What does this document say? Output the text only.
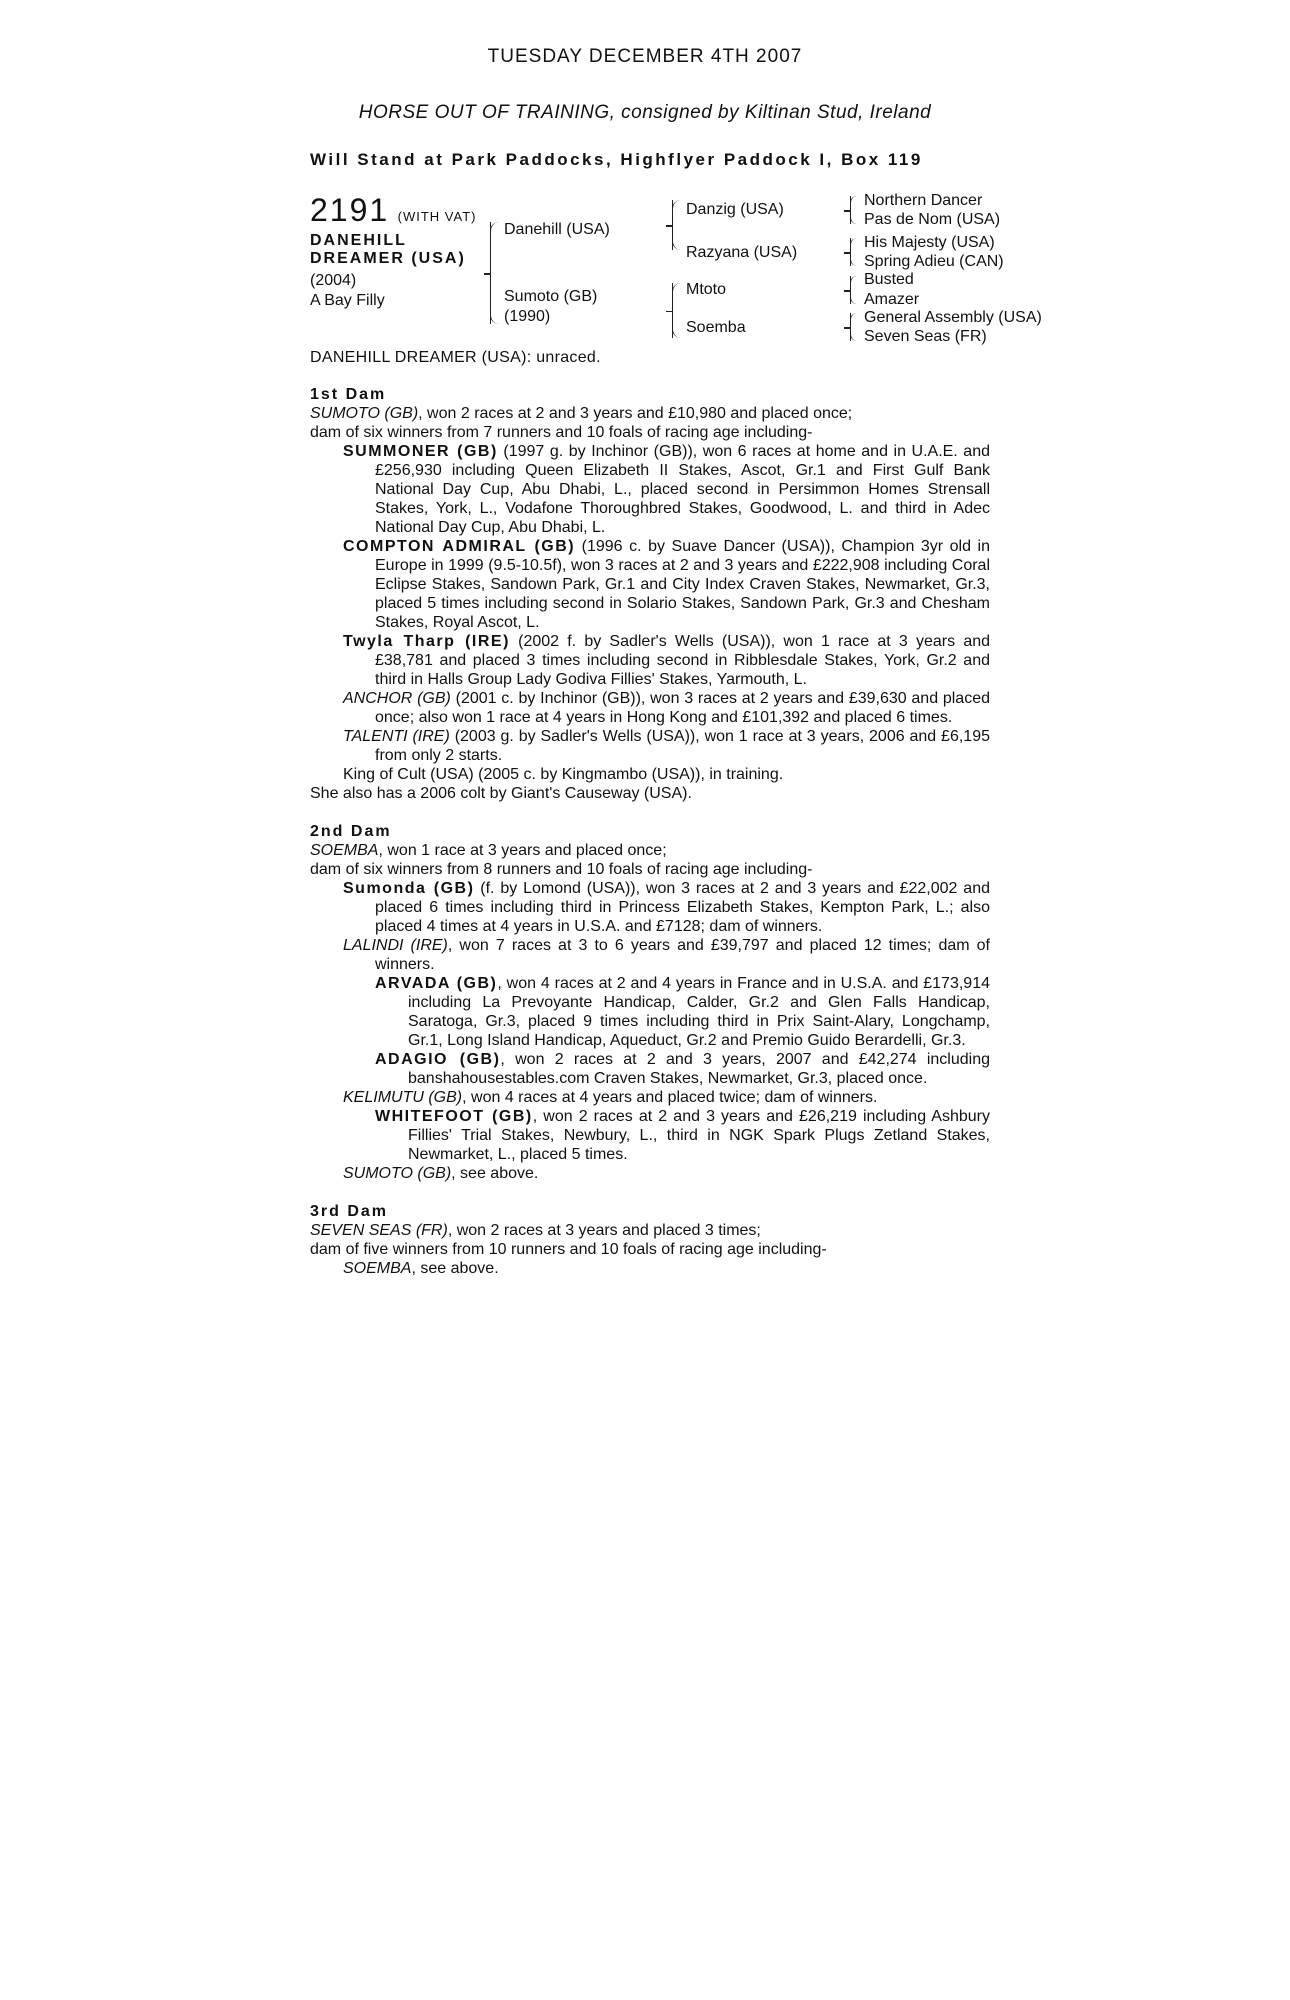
TUESDAY DECEMBER 4TH 2007
HORSE OUT OF TRAINING, consigned by Kiltinan Stud, Ireland
Will Stand at Park Paddocks, Highflyer Paddock I, Box 119
2191 (WITH VAT)
DANEHILL DREAMER (USA)
(2004)
A Bay Filly
Danehill (USA)
Sumoto (GB)
(1990)
Danzig (USA)
Razyana (USA)
Mtoto
Soemba
Northern Dancer
Pas de Nom (USA)
His Majesty (USA)
Spring Adieu (CAN)
Busted
Amazer
General Assembly (USA)
Seven Seas (FR)
DANEHILL DREAMER (USA): unraced.
1st Dam
SUMOTO (GB), won 2 races at 2 and 3 years and £10,980 and placed once;
dam of six winners from 7 runners and 10 foals of racing age including-
SUMMONER (GB) (1997 g. by Inchinor (GB)), won 6 races at home and in U.A.E. and £256,930 including Queen Elizabeth II Stakes, Ascot, Gr.1 and First Gulf Bank National Day Cup, Abu Dhabi, L., placed second in Persimmon Homes Strensall Stakes, York, L., Vodafone Thoroughbred Stakes, Goodwood, L. and third in Adec National Day Cup, Abu Dhabi, L.
COMPTON ADMIRAL (GB) (1996 c. by Suave Dancer (USA)), Champion 3yr old in Europe in 1999 (9.5-10.5f), won 3 races at 2 and 3 years and £222,908 including Coral Eclipse Stakes, Sandown Park, Gr.1 and City Index Craven Stakes, Newmarket, Gr.3, placed 5 times including second in Solario Stakes, Sandown Park, Gr.3 and Chesham Stakes, Royal Ascot, L.
Twyla Tharp (IRE) (2002 f. by Sadler's Wells (USA)), won 1 race at 3 years and £38,781 and placed 3 times including second in Ribblesdale Stakes, York, Gr.2 and third in Halls Group Lady Godiva Fillies' Stakes, Yarmouth, L.
ANCHOR (GB) (2001 c. by Inchinor (GB)), won 3 races at 2 years and £39,630 and placed once; also won 1 race at 4 years in Hong Kong and £101,392 and placed 6 times.
TALENTI (IRE) (2003 g. by Sadler's Wells (USA)), won 1 race at 3 years, 2006 and £6,195 from only 2 starts.
King of Cult (USA) (2005 c. by Kingmambo (USA)), in training.
She also has a 2006 colt by Giant's Causeway (USA).
2nd Dam
SOEMBA, won 1 race at 3 years and placed once;
dam of six winners from 8 runners and 10 foals of racing age including-
Sumonda (GB) (f. by Lomond (USA)), won 3 races at 2 and 3 years and £22,002 and placed 6 times including third in Princess Elizabeth Stakes, Kempton Park, L.; also placed 4 times at 4 years in U.S.A. and £7128; dam of winners.
LALINDI (IRE), won 7 races at 3 to 6 years and £39,797 and placed 12 times; dam of winners.
ARVADA (GB), won 4 races at 2 and 4 years in France and in U.S.A. and £173,914 including La Prevoyante Handicap, Calder, Gr.2 and Glen Falls Handicap, Saratoga, Gr.3, placed 9 times including third in Prix Saint-Alary, Longchamp, Gr.1, Long Island Handicap, Aqueduct, Gr.2 and Premio Guido Berardelli, Gr.3.
ADAGIO (GB), won 2 races at 2 and 3 years, 2007 and £42,274 including banshahousestables.com Craven Stakes, Newmarket, Gr.3, placed once.
KELIMUTU (GB), won 4 races at 4 years and placed twice; dam of winners.
WHITEFOOT (GB), won 2 races at 2 and 3 years and £26,219 including Ashbury Fillies' Trial Stakes, Newbury, L., third in NGK Spark Plugs Zetland Stakes, Newmarket, L., placed 5 times.
SUMOTO (GB), see above.
3rd Dam
SEVEN SEAS (FR), won 2 races at 3 years and placed 3 times;
dam of five winners from 10 runners and 10 foals of racing age including-
SOEMBA, see above.
